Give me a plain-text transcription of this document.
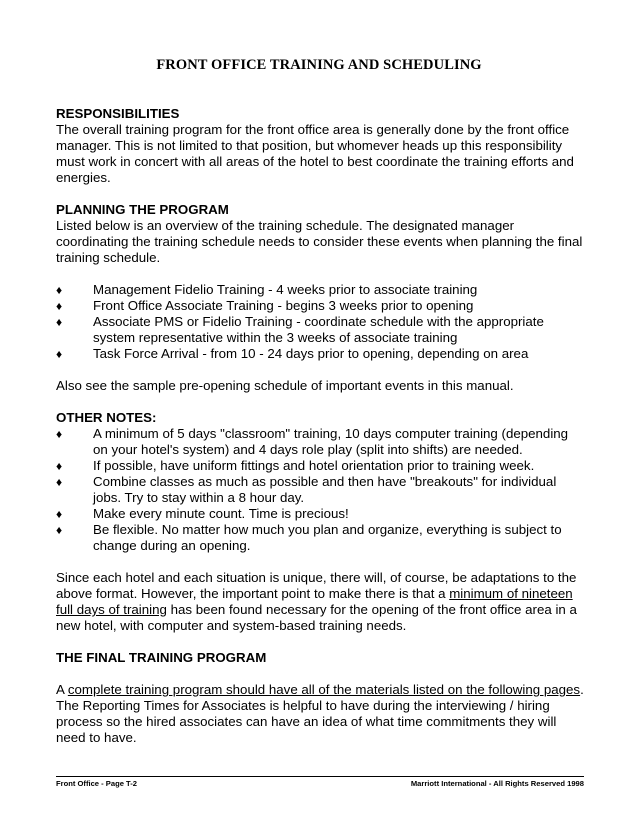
FRONT OFFICE TRAINING AND SCHEDULING

RESPONSIBILITIES

The overall training program for the front office area is generally done by the front office manager. This is not limited to that position, but whomever heads up this responsibility must work in concert with all areas of the hotel to best coordinate the training efforts and energies.

PLANNING THE PROGRAM

Listed below is an overview of the training schedule. The designated manager coordinating the training schedule needs to consider these events when planning the final training schedule.

♦ Management Fidelio Training - 4 weeks prior to associate training
♦ Front Office Associate Training - begins 3 weeks prior to opening
♦ Associate PMS or Fidelio Training - coordinate schedule with the appropriate system representative within the 3 weeks of associate training
♦ Task Force Arrival - from 10 - 24 days prior to opening, depending on area

Also see the sample pre-opening schedule of important events in this manual.

OTHER NOTES:

♦ A minimum of 5 days "classroom" training, 10 days computer training (depending on your hotel's system) and 4 days role play (split into shifts) are needed.
♦ If possible, have uniform fittings and hotel orientation prior to training week.
♦ Combine classes as much as possible and then have "breakouts" for individual jobs. Try to stay within a 8 hour day.
♦ Make every minute count. Time is precious!
♦ Be flexible. No matter how much you plan and organize, everything is subject to change during an opening.

Since each hotel and each situation is unique, there will, of course, be adaptations to the above format. However, the important point to make there is that a minimum of nineteen full days of training has been found necessary for the opening of the front office area in a new hotel, with computer and system-based training needs.

THE FINAL TRAINING PROGRAM

A complete training program should have all of the materials listed on the following pages. The Reporting Times for Associates is helpful to have during the interviewing / hiring process so the hired associates can have an idea of what time commitments they will need to have.

Front Office - Page T-2	Marriott International - All Rights Reserved 1998
